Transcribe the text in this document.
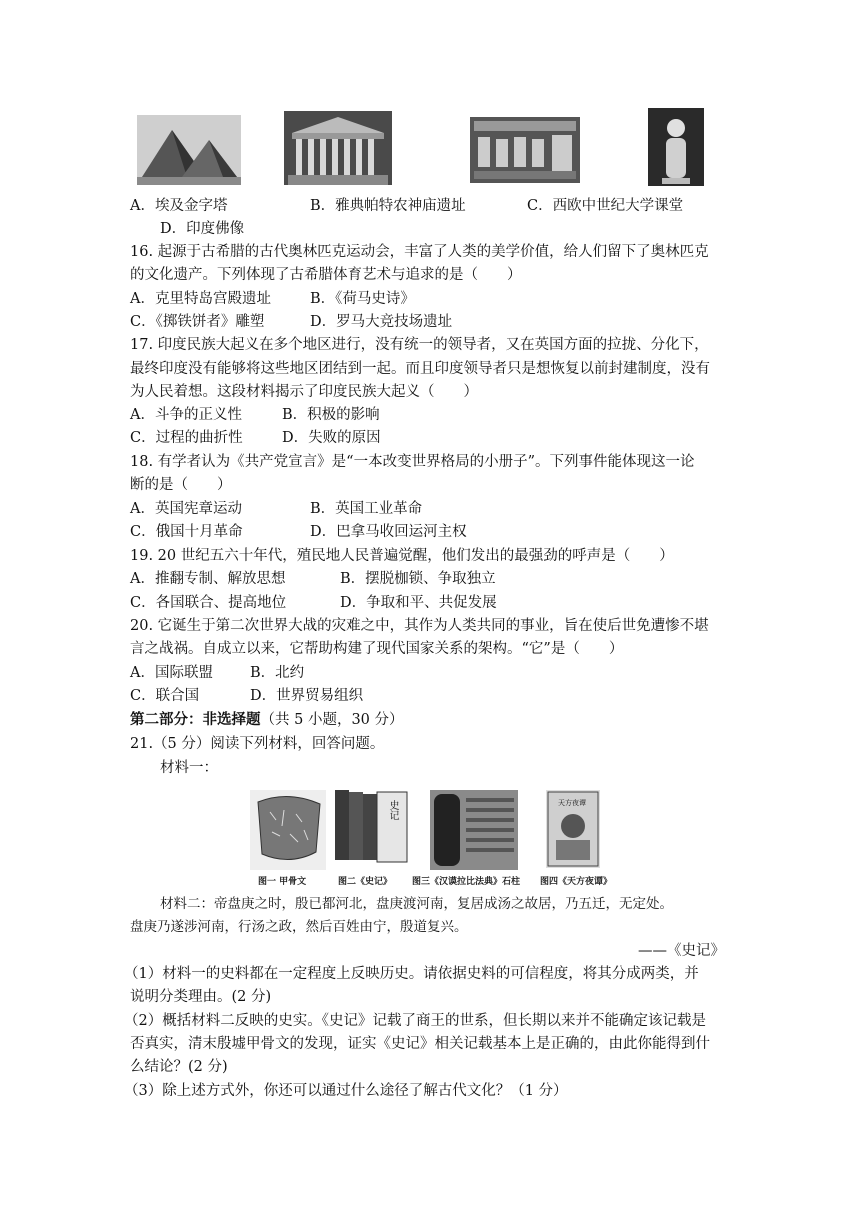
A．埃及金字塔	B．雅典帕特农神庙遗址	C．西欧中世纪大学课堂
D．印度佛像
16. 起源于古希腊的古代奥林匹克运动会，丰富了人类的美学价值，给人们留下了奥林匹克
的文化遗产。下列体现了古希腊体育艺术与追求的是（　　）
A．克里特岛宫殿遗址	B．《荷马史诗》
C．《掷铁饼者》雕塑	D．罗马大竞技场遗址
17. 印度民族大起义在多个地区进行，没有统一的领导者，又在英国方面的拉拢、分化下，
最终印度没有能够将这些地区团结到一起。而且印度领导者只是想恢复以前封建制度，没有
为人民着想。这段材料揭示了印度民族大起义（　　）
A．斗争的正义性	B．积极的影响
C．过程的曲折性	D．失败的原因
18. 有学者认为《共产党宣言》是“一本改变世界格局的小册子”。下列事件能体现这一论
断的是（　　）
A．英国宪章运动	B．英国工业革命
C．俄国十月革命	D．巴拿马收回运河主权
19. 20 世纪五六十年代，殖民地人民普遍觉醒，他们发出的最强劲的呼声是（　　）
A．推翻专制、解放思想	B．摆脱枷锁、争取独立
C．各国联合、提高地位	D．争取和平、共促发展
20. 它诞生于第二次世界大战的灾难之中，其作为人类共同的事业，旨在使后世免遭惨不堪
言之战祸。自成立以来，它帮助构建了现代国家关系的架构。“它”是（　　）
A．国际联盟	B．北约
C．联合国	D．世界贸易组织
第二部分：非选择题（共 5 小题，30 分）
21.（5 分）阅读下列材料，回答问题。
材料一：
史记	天方夜谭
图一 甲骨文	图二《史记》 图三《汉谟拉比法典》石柱 图四《天方夜谭》
材料二：帝盘庚之时，殷已都河北，盘庚渡河南，复居成汤之故居，乃五迁，无定处。
盘庚乃遂涉河南，行汤之政，然后百姓由宁，殷道复兴。
——《史记》
（1）材料一的史料都在一定程度上反映历史。请依据史料的可信程度，将其分成两类，并
说明分类理由。(2 分)
（2）概括材料二反映的史实。《史记》记载了商王的世系，但长期以来并不能确定该记载是
否真实，清末殷墟甲骨文的发现，证实《史记》相关记载基本上是正确的，由此你能得到什
么结论？(2 分)
（3）除上述方式外，你还可以通过什么途径了解古代文化？（1 分）
